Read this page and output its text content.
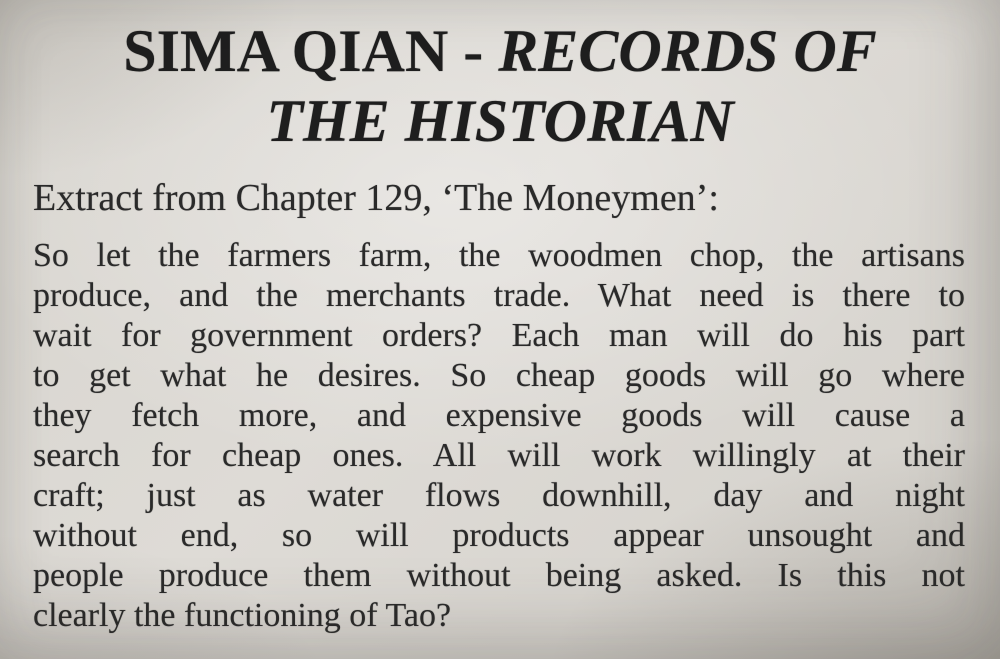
SIMA QIAN - RECORDS OF
THE HISTORIAN
Extract from Chapter 129, ‘The Moneymen’:
So let the farmers farm, the woodmen chop, the artisans
produce, and the merchants trade. What need is there to
wait for government orders? Each man will do his part
to get what he desires. So cheap goods will go where
they fetch more, and expensive goods will cause a
search for cheap ones. All will work willingly at their
craft; just as water flows downhill, day and night
without end, so will products appear unsought and
people produce them without being asked. Is this not
clearly the functioning of Tao?
